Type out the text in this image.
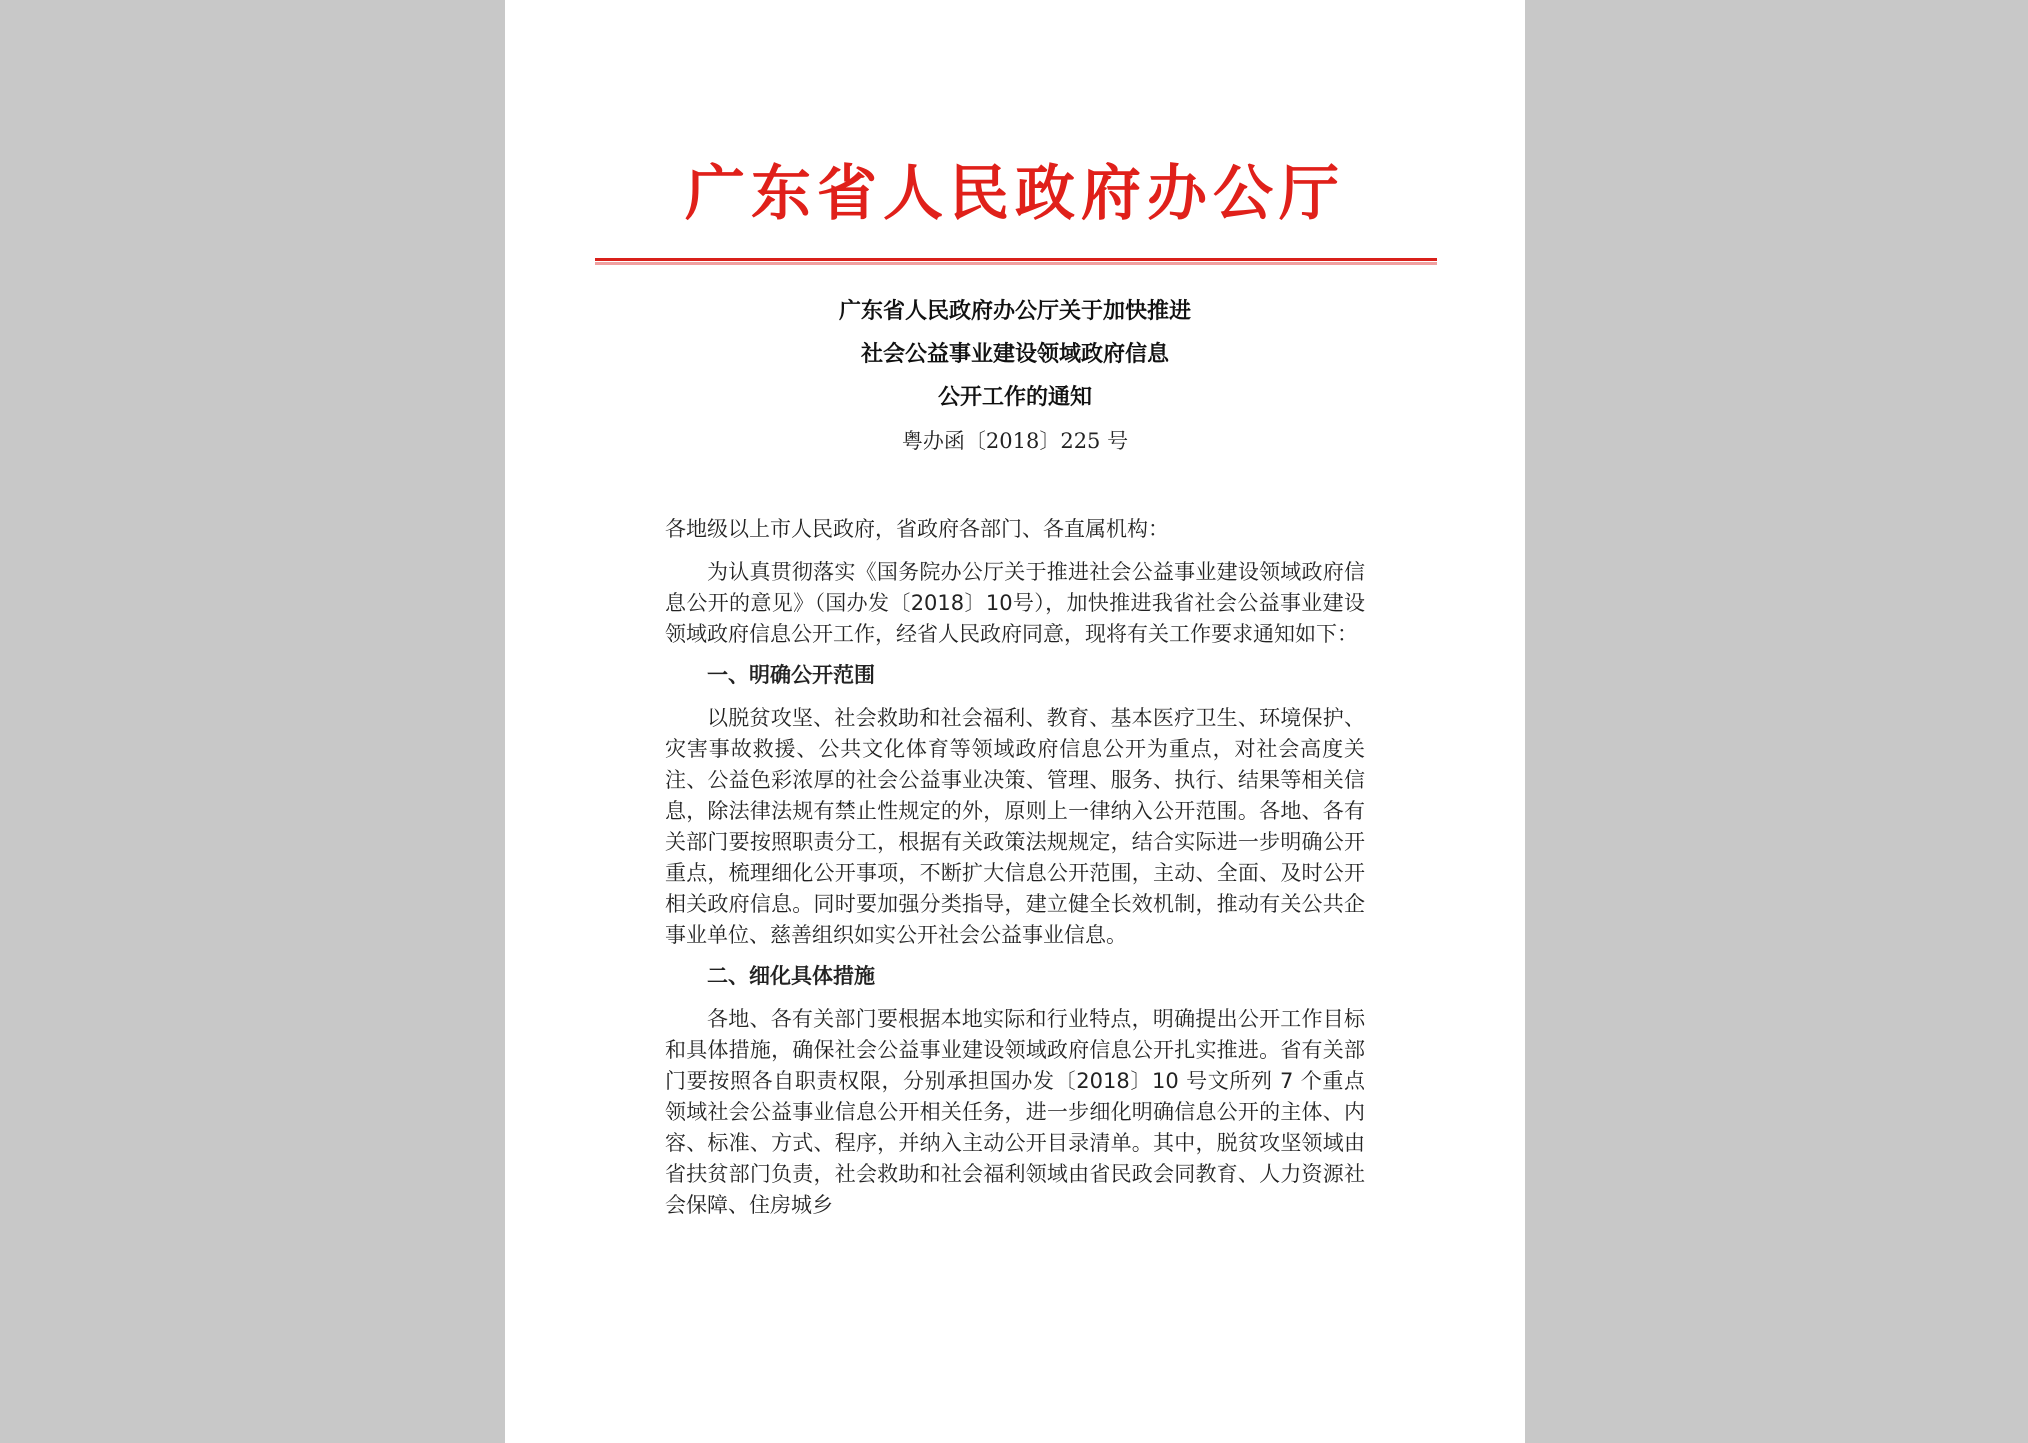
广东省人民政府办公厅
广东省人民政府办公厅关于加快推进
社会公益事业建设领域政府信息
公开工作的通知
粤办函〔2018〕225 号

各地级以上市人民政府，省政府各部门、各直属机构：

为认真贯彻落实《国务院办公厅关于推进社会公益事业建设领域政府信息公开的意见》（国办发〔2018〕10号），加快推进我省社会公益事业建设领域政府信息公开工作，经省人民政府同意，现将有关工作要求通知如下：

一、明确公开范围

以脱贫攻坚、社会救助和社会福利、教育、基本医疗卫生、环境保护、灾害事故救援、公共文化体育等领域政府信息公开为重点，对社会高度关注、公益色彩浓厚的社会公益事业决策、管理、服务、执行、结果等相关信息，除法律法规有禁止性规定的外，原则上一律纳入公开范围。各地、各有关部门要按照职责分工，根据有关政策法规规定，结合实际进一步明确公开重点，梳理细化公开事项，不断扩大信息公开范围，主动、全面、及时公开相关政府信息。同时要加强分类指导，建立健全长效机制，推动有关公共企事业单位、慈善组织如实公开社会公益事业信息。

二、细化具体措施

各地、各有关部门要根据本地实际和行业特点，明确提出公开工作目标和具体措施，确保社会公益事业建设领域政府信息公开扎实推进。省有关部门要按照各自职责权限，分别承担国办发〔2018〕10 号文所列 7 个重点领域社会公益事业信息公开相关任务，进一步细化明确信息公开的主体、内容、标准、方式、程序，并纳入主动公开目录清单。其中，脱贫攻坚领域由省扶贫部门负责，社会救助和社会福利领域由省民政会同教育、人力资源社会保障、住房城乡
